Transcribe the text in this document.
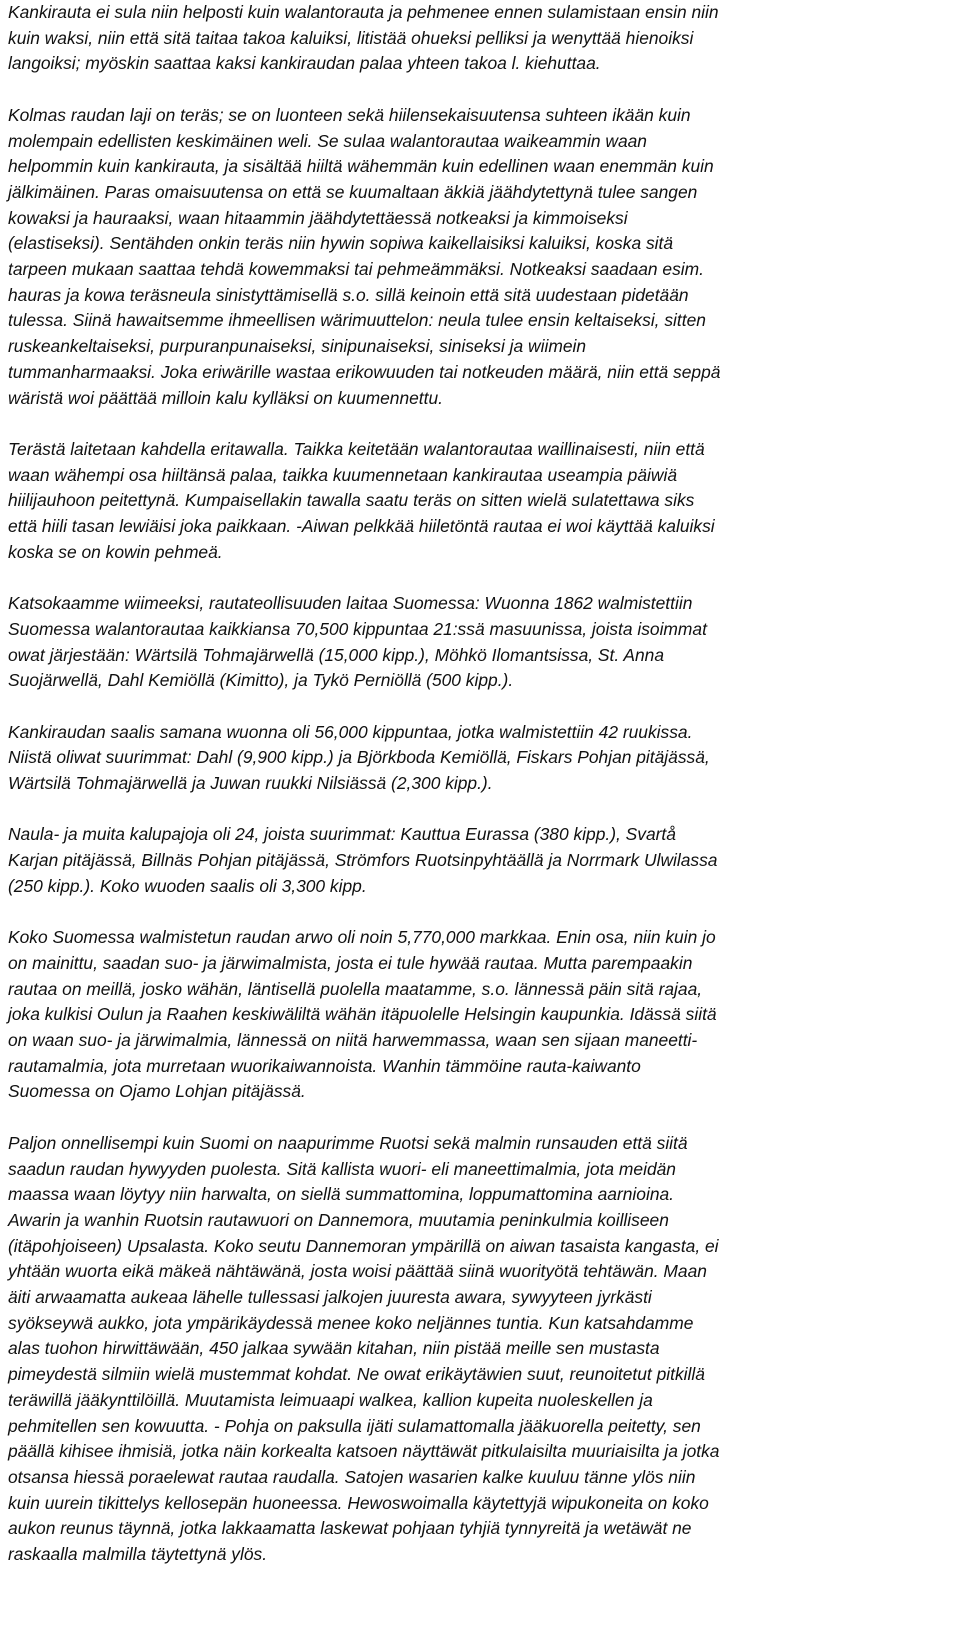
Kankirauta ei sula niin helposti kuin walantorauta ja pehmenee ennen sulamistaan ensin niin
kuin waksi, niin että sitä taitaa takoa kaluiksi, litistää ohueksi pelliksi ja wenyttää hienoiksi
langoiksi; myöskin saattaa kaksi kankiraudan palaa yhteen takoa l. kiehuttaa.
Kolmas raudan laji on teräs; se on luonteen sekä hiilensekaisuutensa suhteen ikään kuin
molempain edellisten keskimäinen weli. Se sulaa walantorautaa waikeammin waan
helpommin kuin kankirauta, ja sisältää hiiltä wähemmän kuin edellinen waan enemmän kuin
jälkimäinen. Paras omaisuutensa on että se kuumaltaan äkkiä jäähdytettynä tulee sangen
kowaksi ja hauraaksi, waan hitaammin jäähdytettäessä notkeaksi ja kimmoiseksi
(elastiseksi). Sentähden onkin teräs niin hywin sopiwa kaikellaisiksi kaluiksi, koska sitä
tarpeen mukaan saattaa tehdä kowemmaksi tai pehmeämmäksi. Notkeaksi saadaan esim.
hauras ja kowa teräsneula sinistyttämisellä s.o. sillä keinoin että sitä uudestaan pidetään
tulessa. Siinä hawaitsemme ihmeellisen wärimuuttelon: neula tulee ensin keltaiseksi, sitten
ruskeankeltaiseksi, purpuranpunaiseksi, sinipunaiseksi, siniseksi ja wiimein
tummanharmaaksi. Joka eriwärille wastaa erikowuuden tai notkeuden määrä, niin että seppä
wäristä woi päättää milloin kalu kylläksi on kuumennettu.
Terästä laitetaan kahdella eritawalla. Taikka keitetään walantorautaa waillinaisesti, niin että
waan wähempi osa hiiltänsä palaa, taikka kuumennetaan kankirautaa useampia päiwiä
hiilijauhoon peitettynä. Kumpaisellakin tawalla saatu teräs on sitten wielä sulatettawa siks
että hiili tasan lewiäisi joka paikkaan. -Aiwan pelkkää hiiletöntä rautaa ei woi käyttää kaluiksi
koska se on kowin pehmeä.
Katsokaamme wiimeeksi, rautateollisuuden laitaa Suomessa: Wuonna 1862 walmistettiin
Suomessa walantorautaa kaikkiansa 70,500 kippuntaa 21:ssä masuunissa, joista isoimmat
owat järjestään: Wärtsilä Tohmajärwellä (15,000 kipp.), Möhkö Ilomantsissa, St. Anna
Suojärwellä, Dahl Kemiöllä (Kimitto), ja Tykö Perniöllä (500 kipp.).
Kankiraudan saalis samana wuonna oli 56,000 kippuntaa, jotka walmistettiin 42 ruukissa.
Niistä oliwat suurimmat: Dahl (9,900 kipp.) ja Björkboda Kemiöllä, Fiskars Pohjan pitäjässä,
Wärtsilä Tohmajärwellä ja Juwan ruukki Nilsiässä (2,300 kipp.).
Naula- ja muita kalupajoja oli 24, joista suurimmat: Kauttua Eurassa (380 kipp.), Svartå
Karjan pitäjässä, Billnäs Pohjan pitäjässä, Strömfors Ruotsinpyhtäällä ja Norrmark Ulwilassa
(250 kipp.). Koko wuoden saalis oli 3,300 kipp.
Koko Suomessa walmistetun raudan arwo oli noin 5,770,000 markkaa. Enin osa, niin kuin jo
on mainittu, saadan suo- ja järwimalmista, josta ei tule hywää rautaa. Mutta parempaakin
rautaa on meillä, josko wähän, läntisellä puolella maatamme, s.o. lännessä päin sitä rajaa,
joka kulkisi Oulun ja Raahen keskiwäliltä wähän itäpuolelle Helsingin kaupunkia. Idässä siitä
on waan suo- ja järwimalmia, lännessä on niitä harwemmassa, waan sen sijaan maneetti-
rautamalmia, jota murretaan wuorikaiwannoista. Wanhin tämmöine rauta-kaiwanto
Suomessa on Ojamo Lohjan pitäjässä.
Paljon onnellisempi kuin Suomi on naapurimme Ruotsi sekä malmin runsauden että siitä
saadun raudan hywyyden puolesta. Sitä kallista wuori- eli maneettimalmia, jota meidän
maassa waan löytyy niin harwalta, on siellä summattomina, loppumattomina aarnioina.
Awarin ja wanhin Ruotsin rautawuori on Dannemora, muutamia peninkulmia koilliseen
(itäpohjoiseen) Upsalasta. Koko seutu Dannemoran ympärillä on aiwan tasaista kangasta, ei
yhtään wuorta eikä mäkeä nähtäwänä, josta woisi päättää siinä wuorityötä tehtäwän. Maan
äiti arwaamatta aukeaa lähelle tullessasi jalkojen juuresta awara, sywyyteen jyrkästi
syökseywä aukko, jota ympärikäydessä menee koko neljännes tuntia. Kun katsahdamme
alas tuohon hirwittäwään, 450 jalkaa sywään kitahan, niin pistää meille sen mustasta
pimeydestä silmiin wielä mustemmat kohdat. Ne owat erikäytäwien suut, reunoitetut pitkillä
teräwillä jääkynttilöillä. Muutamista leimuaapi walkea, kallion kupeita nuoleskellen ja
pehmitellen sen kowuutta. - Pohja on paksulla ijäti sulamattomalla jääkuorella peitetty, sen
päällä kihisee ihmisiä, jotka näin korkealta katsoen näyttäwät pitkulaisilta muuriaisilta ja jotka
otsansa hiessä poraelewat rautaa raudalla. Satojen wasarien kalke kuuluu tänne ylös niin
kuin uurein tikittelys kellosepän huoneessa. Hewoswoimalla käytettyjä wipukoneita on koko
aukon reunus täynnä, jotka lakkaamatta laskewat pohjaan tyhjiä tynnyreitä ja wetäwät ne
raskaalla malmilla täytettynä ylös.
